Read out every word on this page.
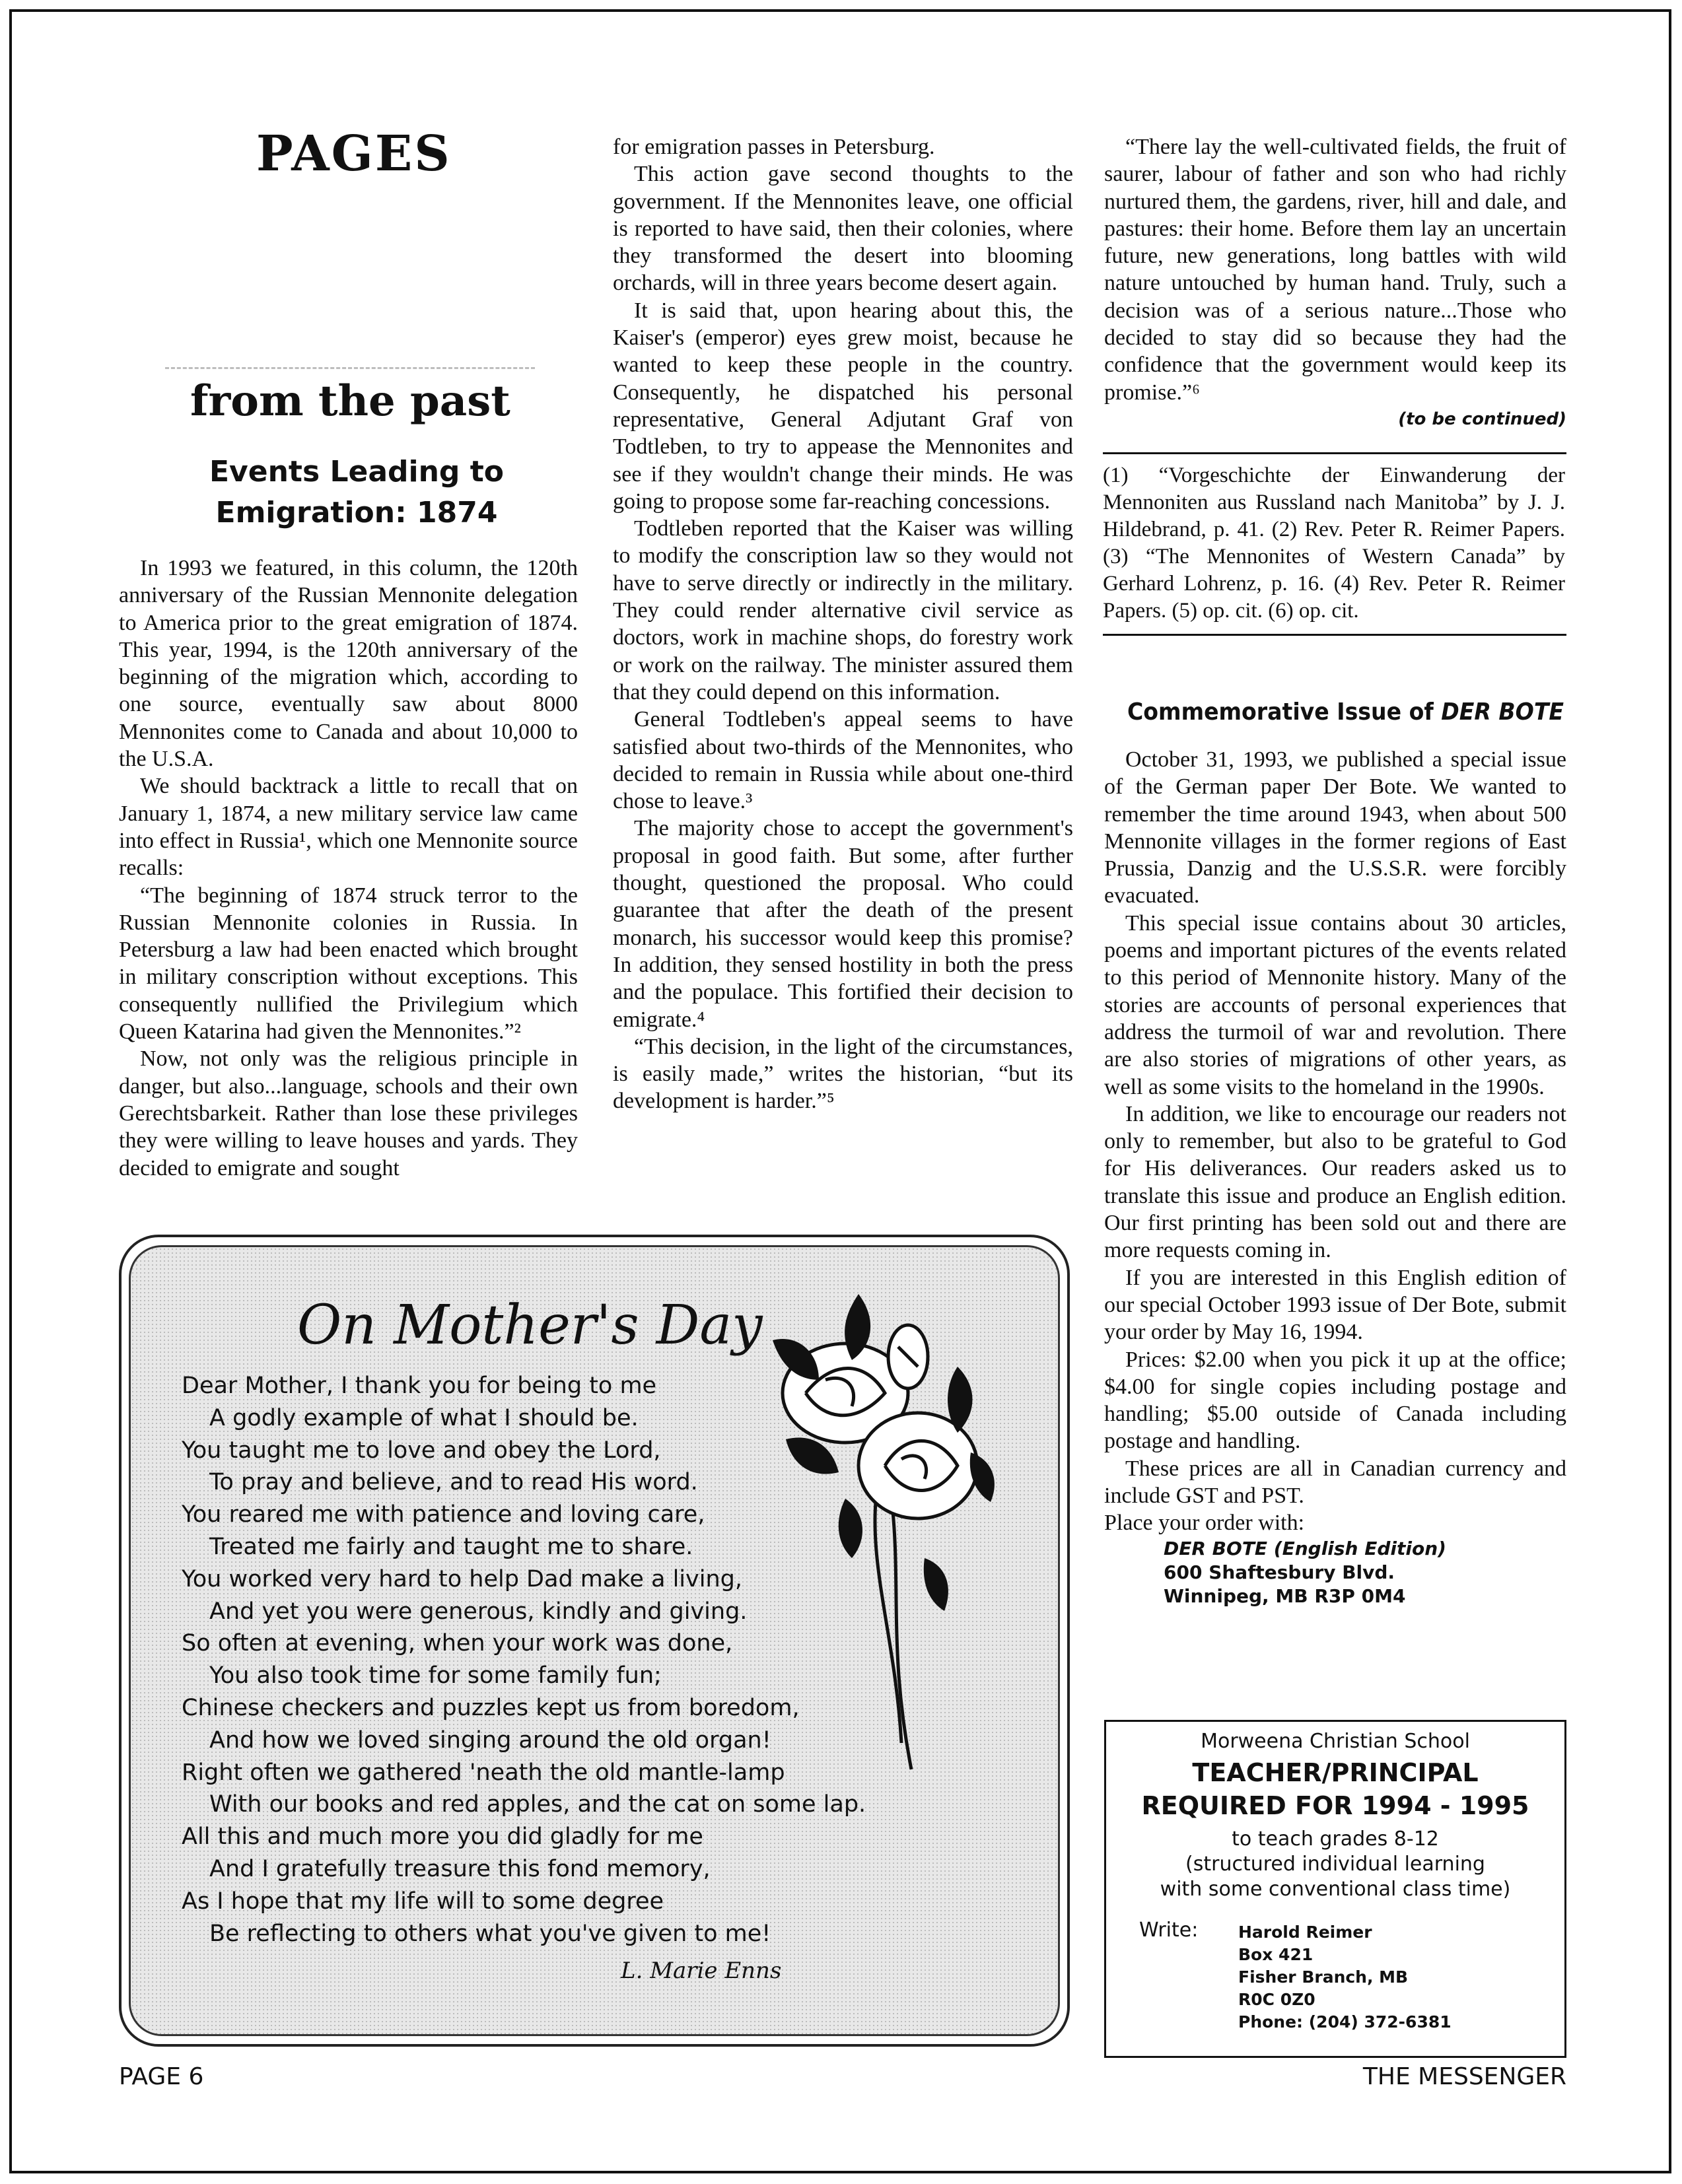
PAGES
from the past
Events Leading to
Emigration: 1874

In 1993 we featured, in this column, the 120th anniversary of the Russian Mennonite delegation to America prior to the great emigration of 1874. This year, 1994, is the 120th anniversary of the beginning of the migration which, according to one source, eventually saw about 8000 Mennonites come to Canada and about 10,000 to the U.S.A.

We should backtrack a little to recall that on January 1, 1874, a new military service law came into effect in Russia¹, which one Mennonite source recalls:

“The beginning of 1874 struck terror to the Russian Mennonite colonies in Russia. In Petersburg a law had been enacted which brought in military conscription without exceptions. This consequently nullified the Privilegium which Queen Katarina had given the Mennonites.”²

Now, not only was the religious principle in danger, but also...language, schools and their own Gerechtsbarkeit. Rather than lose these privileges they were willing to leave houses and yards. They decided to emigrate and sought

for emigration passes in Petersburg.

This action gave second thoughts to the government. If the Mennonites leave, one official is reported to have said, then their colonies, where they transformed the desert into blooming orchards, will in three years become desert again.

It is said that, upon hearing about this, the Kaiser's (emperor) eyes grew moist, because he wanted to keep these people in the country. Consequently, he dispatched his personal representative, General Adjutant Graf von Todtleben, to try to appease the Mennonites and see if they wouldn't change their minds. He was going to propose some far-reaching concessions.

Todtleben reported that the Kaiser was willing to modify the conscription law so they would not have to serve directly or indirectly in the military. They could render alternative civil service as doctors, work in machine shops, do forestry work or work on the railway. The minister assured them that they could depend on this information.

General Todtleben's appeal seems to have satisfied about two-thirds of the Mennonites, who decided to remain in Russia while about one-third chose to leave.³

The majority chose to accept the government's proposal in good faith. But some, after further thought, questioned the proposal. Who could guarantee that after the death of the present monarch, his successor would keep this promise? In addition, they sensed hostility in both the press and the populace. This fortified their decision to emigrate.⁴

“This decision, in the light of the circumstances, is easily made,” writes the historian, “but its development is harder.”⁵

“There lay the well-cultivated fields, the fruit of saurer, labour of father and son who had richly nurtured them, the gardens, river, hill and dale, and pastures: their home. Before them lay an uncertain future, new generations, long battles with wild nature untouched by human hand. Truly, such a decision was of a serious nature...Those who decided to stay did so because they had the confidence that the government would keep its promise.”⁶

(to be continued)
(1) “Vorgeschichte der Einwanderung der Mennoniten aus Russland nach Manitoba” by J. J. Hildebrand, p. 41. (2) Rev. Peter R. Reimer Papers. (3) “The Mennonites of Western Canada” by Gerhard Lohrenz, p. 16. (4) Rev. Peter R. Reimer Papers. (5) op. cit. (6) op. cit.
Commemorative Issue of DER BOTE

October 31, 1993, we published a special issue of the German paper Der Bote. We wanted to remember the time around 1943, when about 500 Mennonite villages in the former regions of East Prussia, Danzig and the U.S.S.R. were forcibly evacuated.

This special issue contains about 30 articles, poems and important pictures of the events related to this period of Mennonite history. Many of the stories are accounts of personal experiences that address the turmoil of war and revolution. There are also stories of migrations of other years, as well as some visits to the homeland in the 1990s.

In addition, we like to encourage our readers not only to remember, but also to be grateful to God for His deliverances. Our readers asked us to translate this issue and produce an English edition. Our first printing has been sold out and there are more requests coming in.

If you are interested in this English edition of our special October 1993 issue of Der Bote, submit your order by May 16, 1994.

Prices: $2.00 when you pick it up at the office; $4.00 for single copies including postage and handling; $5.00 outside of Canada including postage and handling.

These prices are all in Canadian currency and include GST and PST.

Place your order with:

DER BOTE (English Edition)
600 Shaftesbury Blvd.
Winnipeg, MB R3P 0M4
On Mother's Day
Dear Mother, I thank you for being to me
A godly example of what I should be.
You taught me to love and obey the Lord,
To pray and believe, and to read His word.
You reared me with patience and loving care,
Treated me fairly and taught me to share.
You worked very hard to help Dad make a living,
And yet you were generous, kindly and giving.
So often at evening, when your work was done,
You also took time for some family fun;
Chinese checkers and puzzles kept us from boredom,
And how we loved singing around the old organ!
Right often we gathered 'neath the old mantle-lamp
With our books and red apples, and the cat on some lap.
All this and much more you did gladly for me
And I gratefully treasure this fond memory,
As I hope that my life will to some degree
Be reflecting to others what you've given to me!
L. Marie Enns
Morweena Christian School
TEACHER/PRINCIPAL
REQUIRED FOR 1994 - 1995
to teach grades 8-12
(structured individual learning
with some conventional class time)
Write: Harold Reimer
Box 421
Fisher Branch, MB
R0C 0Z0
Phone: (204) 372-6381
PAGE 6	THE MESSENGER
